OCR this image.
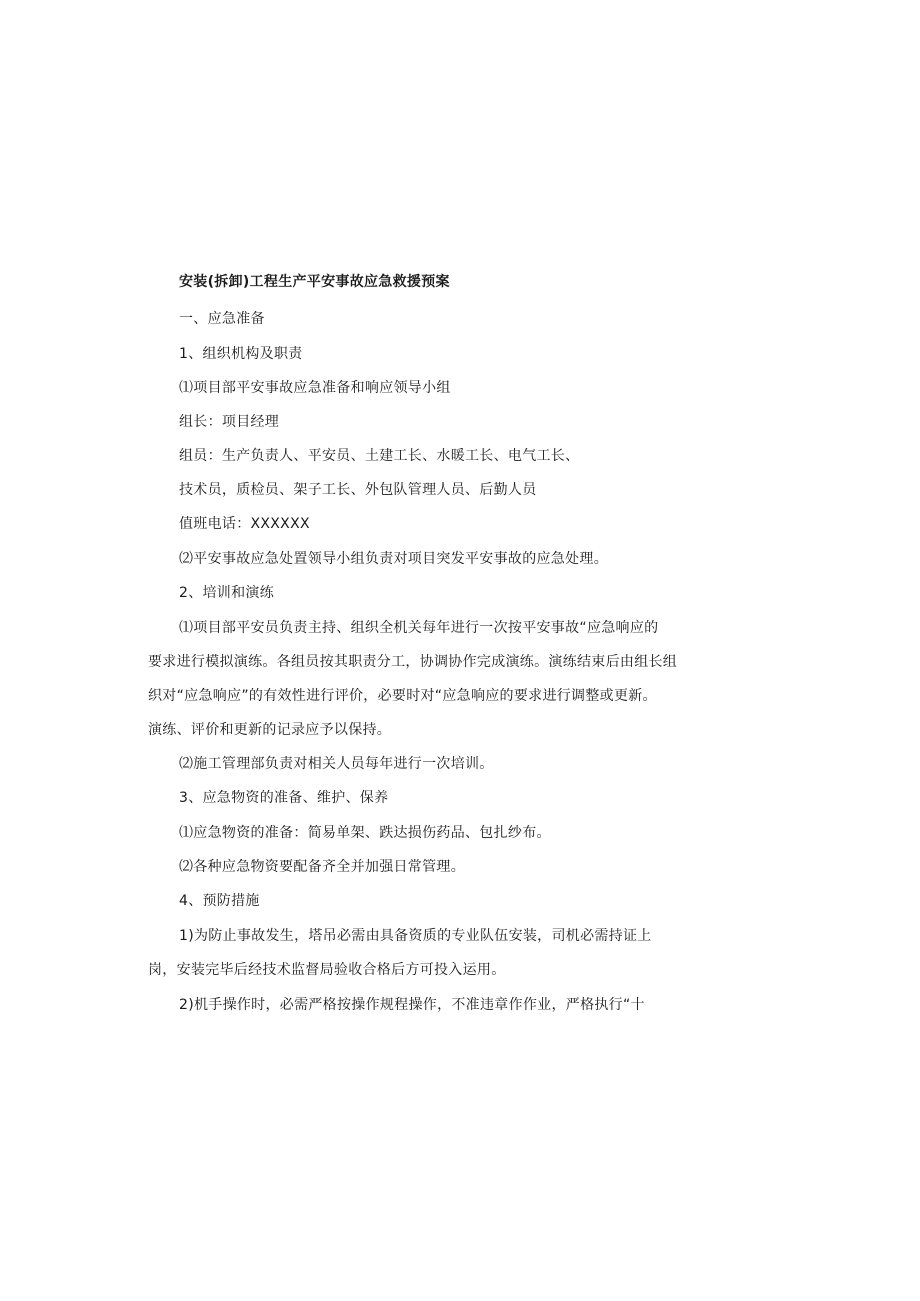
安装(拆卸)工程生产平安事故应急救援预案

一、应急准备

1、组织机构及职责

⑴项目部平安事故应急准备和响应领导小组

组长：项目经理

组员：生产负责人、平安员、土建工长、水暖工长、电气工长、

技术员，质检员、架子工长、外包队管理人员、后勤人员

值班电话：XXXXXX

⑵平安事故应急处置领导小组负责对项目突发平安事故的应急处理。

2、培训和演练

⑴项目部平安员负责主持、组织全机关每年进行一次按平安事故“应急响应的

要求进行模拟演练。各组员按其职责分工，协调协作完成演练。演练结束后由组长组

织对“应急响应”的有效性进行评价，必要时对“应急响应的要求进行调整或更新。

演练、评价和更新的记录应予以保持。

⑵施工管理部负责对相关人员每年进行一次培训。

3、应急物资的准备、维护、保养

⑴应急物资的准备：简易单架、跌达损伤药品、包扎纱布。

⑵各种应急物资要配备齐全并加强日常管理。

4、预防措施

1)为防止事故发生，塔吊必需由具备资质的专业队伍安装，司机必需持证上

岗，安装完毕后经技术监督局验收合格后方可投入运用。

2)机手操作时，必需严格按操作规程操作，不准违章作作业，严格执行“十
